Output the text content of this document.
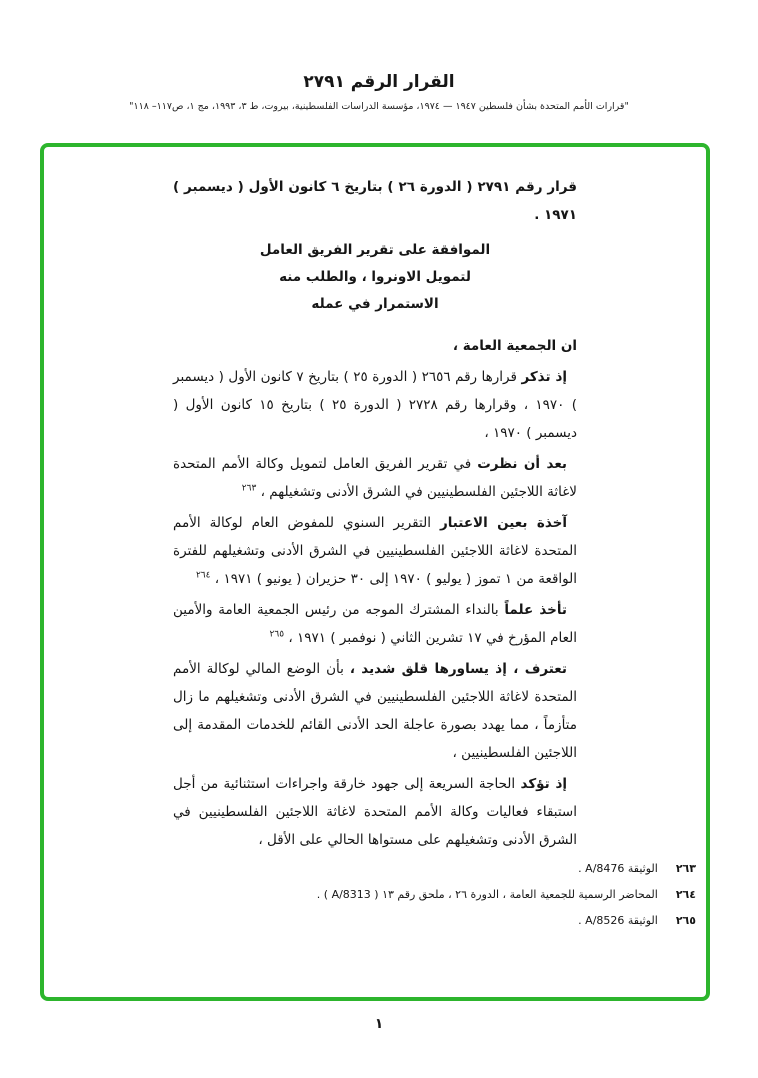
القرار الرقم ٢٧٩١
"قرارات الأمم المتحدة بشأن فلسطين ١٩٤٧ — ١٩٧٤، مؤسسة الدراسات الفلسطينية، بيروت، ط ٣، ١٩٩٣، مج ١، ص١١٧– ١١٨"

قرار رقم ٢٧٩١ ( الدورة ٢٦ ) بتاريخ ٦ كانون الأول ( ديسمبر ) ١٩٧١ .

الموافقة على تقرير الفريق العامل
لتمويل الاونروا ، والطلب منه
الاستمرار في عمله

ان الجمعية العامة ،

إذ تذكر قرارها رقم ٢٦٥٦ ( الدورة ٢٥ ) بتاريخ ٧ كانون الأول ( ديسمبر ) ١٩٧٠ ، وقرارها رقم ٢٧٢٨ ( الدورة ٢٥ ) بتاريخ ١٥ كانون الأول ( ديسمبر ) ١٩٧٠ ،

بعد أن نظرت في تقرير الفريق العامل لتمويل وكالة الأمم المتحدة لاغاثة اللاجئين الفلسطينيين في الشرق الأدنى وتشغيلهم ، $^{٢٦٣}$

آخذة بعين الاعتبار التقرير السنوي للمفوض العام لوكالة الأمم المتحدة لاغاثة اللاجئين الفلسطينيين في الشرق الأدنى وتشغيلهم للفترة الواقعة من ١ تموز ( يوليو ) ١٩٧٠ إلى ٣٠ حزيران ( يونيو ) ١٩٧١ ، $^{٢٦٤}$

تأخذ علماً بالنداء المشترك الموجه من رئيس الجمعية العامة والأمين العام المؤرخ في ١٧ تشرين الثاني ( نوفمبر ) ١٩٧١ ، $^{٢٦٥}$

تعترف ، إذ يساورها قلق شديد ، بأن الوضع المالي لوكالة الأمم المتحدة لاغاثة اللاجئين الفلسطينيين في الشرق الأدنى وتشغيلهم ما زال متأزماً ، مما يهدد بصورة عاجلة الحد الأدنى القائم للخدمات المقدمة إلى اللاجئين الفلسطينيين ،

إذ تؤكد الحاجة السريعة إلى جهود خارقة واجراءات استثنائية من أجل استبقاء فعاليات وكالة الأمم المتحدة لاغاثة اللاجئين الفلسطينيين في الشرق الأدنى وتشغيلهم على مستواها الحالي على الأقل ،

٢٦٣الوثيقة A/8476 .
٢٦٤المحاضر الرسمية للجمعية العامة ، الدورة ٢٦ ، ملحق رقم ١٣ ( A/8313 ) .
٢٦٥الوثيقة A/8526 .
١
